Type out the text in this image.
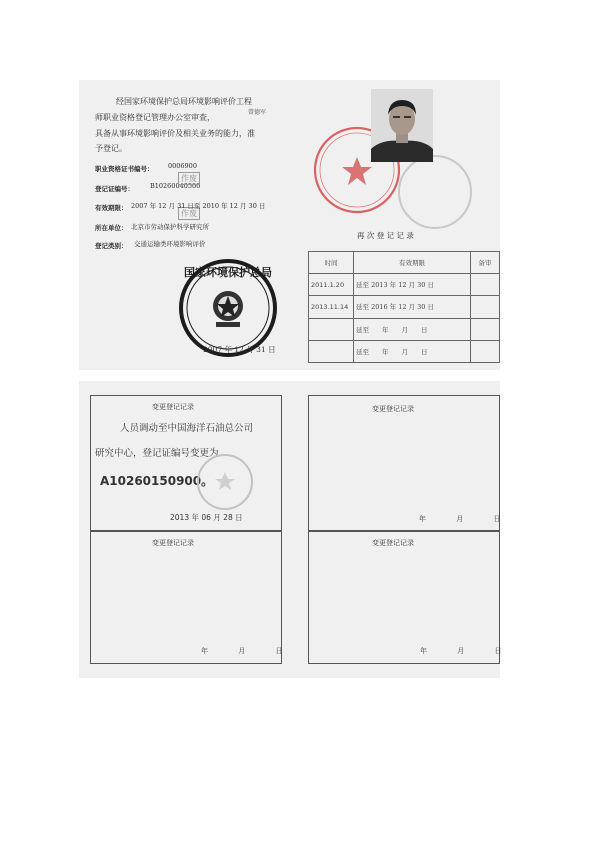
经国家环境保护总局环境影响评价工程
师职业资格登记管理办公室审查，
曾德军
具备从事环境影响评价及相关业务的能力，准
予登记。
职业资格证书编号： 0006900
登记证编号： B10260040500
作废
作废
有效期限： 2007 年 12 月 31 日至 2010 年 12 月 30 日
所在单位： 北京市劳动保护科学研究所
登记类别： 交通运输类环境影响评价
国家环境保护总局
2007 年 12 月 31 日
再 次 登 记 记 录
时间	有效期限	备审
2011.1.20	延至 2013 年 12 月 30 日	
2013.11.14	延至 2016 年 12 月 30 日	
	延至　　年　　月　　日	
	延至　　年　　月　　日	
变更登记记录
人员调动至中国海洋石油总公司
研究中心，登记证编号变更为
A10260150900。
2013 年 06 月 28 日
变更登记记录
年 月 日
变更登记记录
年 月 日
变更登记记录
年 月 日
